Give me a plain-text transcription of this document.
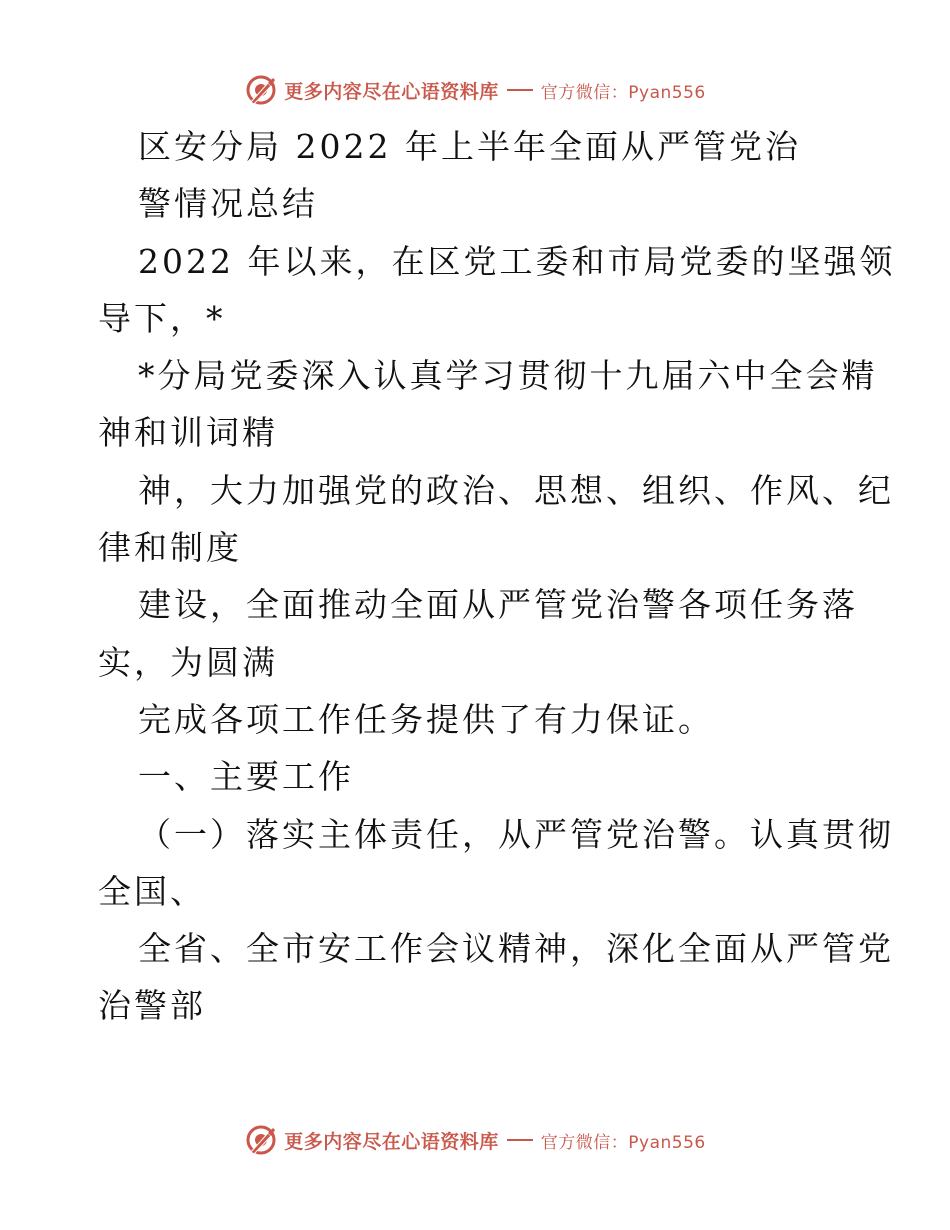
更多内容尽在心语资料库 官方微信：Pyan556
区安分局 2022 年上半年全面从严管党治
警情况总结
2022 年以来，在区党工委和市局党委的坚强领
导下，*
*分局党委深入认真学习贯彻十九届六中全会精
神和训词精
神，大力加强党的政治、思想、组织、作风、纪
律和制度
建设，全面推动全面从严管党治警各项任务落
实，为圆满
完成各项工作任务提供了有力保证。
一、主要工作
（一）落实主体责任，从严管党治警。认真贯彻
全国、
全省、全市安工作会议精神，深化全面从严管党
治警部
更多内容尽在心语资料库 官方微信：Pyan556
